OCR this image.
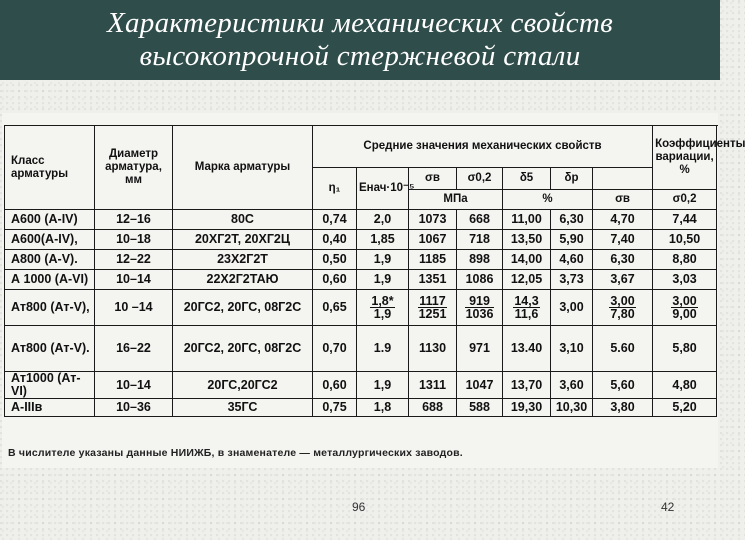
Характеристики механических свойств
высокопрочной стержневой стали
Класс арматуры	Диаметр арматура, мм	Марка арматуры	Средние значения механических свойств							Коэффициенты вариации, %
			η₁	Eнач·10⁻⁵	σв	σ0,2	δ5	δр		
					МПа		%		σв	σ0,2
А600 (А-IV)	12–16	80С	0,74	2,0	1073	668	11,00	6,30	4,70	7,44
А600(А-IV),	10–18	20ХГ2Т, 20ХГ2Ц	0,40	1,85	1067	718	13,50	5,90	7,40	10,50
А800 (А-V).	12–22	23Х2Г2Т	0,50	1,9	1185	898	14,00	4,60	6,30	8,80
А 1000 (А-VI)	10–14	22Х2Г2ТАЮ	0,60	1,9	1351	1086	12,05	3,73	3,67	3,03
Ат800 (Ат-V),	10 –14	20ГС2, 20ГС, 08Г2С	0,65	$\frac{1,8*}{1,9}$	$\frac{1117}{1251}$	$\frac{919}{1036}$	$\frac{14,3}{11,6}$	3,00	$\frac{3,00}{7,80}$	$\frac{3,00}{9,00}$

Ат800 (Ат-V).	16–22	20ГС2, 20ГС, 08Г2С	0,70	1.9	1130	971	13.40	3,10	5.60	5,80
Ат1000 (Ат-VI)	10–14	20ГС,20ГС2	0,60	1,9	1311	1047	13,70	3,60	5,60	4,80
А-IIIв	10–36	35ГС	0,75	1,8	688	588	19,30	10,30	3,80	5,20
В числителе указаны данные НИИЖБ, в знаменателе — металлургических заводов.
96	42
